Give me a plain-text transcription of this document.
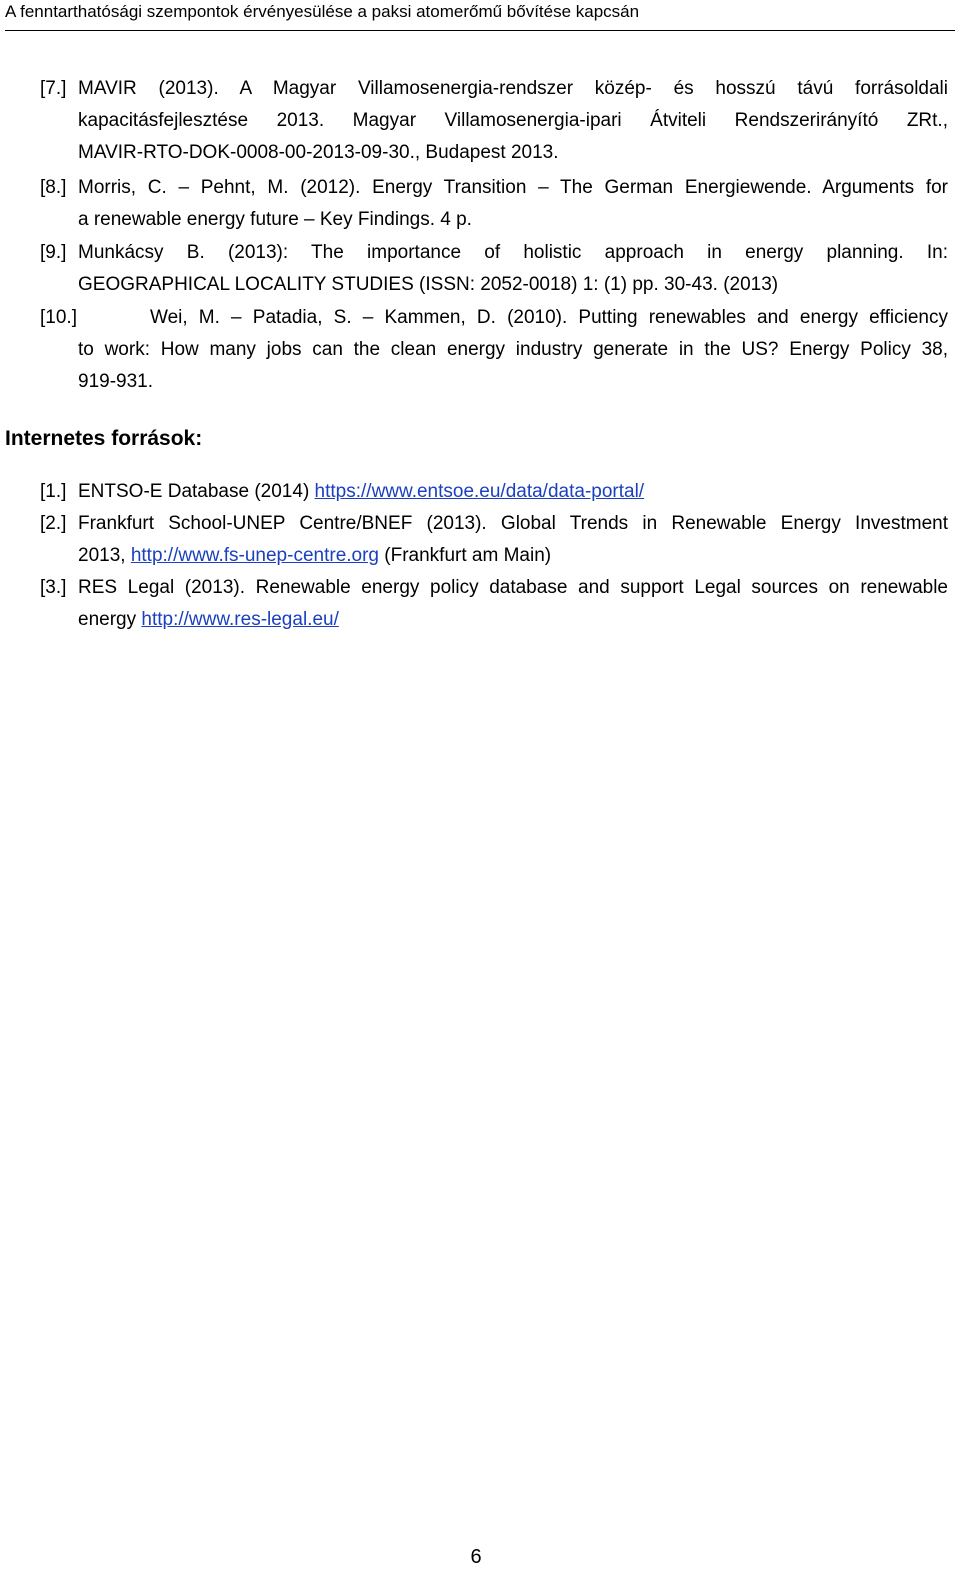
A fenntarthatósági szempontok érvényesülése a paksi atomerőmű bővítése kapcsán
[7.] MAVIR (2013). A Magyar Villamosenergia-rendszer közép- és hosszú távú forrásoldali
kapacitásfejlesztése 2013. Magyar Villamosenergia-ipari Átviteli Rendszerirányító ZRt.,
MAVIR-RTO-DOK-0008-00-2013-09-30., Budapest 2013.
[8.] Morris, C. ‒ Pehnt, M. (2012). Energy Transition ‒ The German Energiewende. Arguments for
a renewable energy future ‒ Key Findings. 4 p.
[9.] Munkácsy B. (2013): The importance of holistic approach in energy planning. In:
GEOGRAPHICAL LOCALITY STUDIES (ISSN: 2052-0018) 1: (1) pp. 30-43. (2013)
[10.]	Wei, M. ‒ Patadia, S. ‒ Kammen, D. (2010). Putting renewables and energy efficiency
to work: How many jobs can the clean energy industry generate in the US? Energy Policy 38,
919-931.
Internetes források:
[1.] ENTSO-E Database (2014) https://www.entsoe.eu/data/data-portal/
[2.] Frankfurt School-UNEP Centre/BNEF (2013). Global Trends in Renewable Energy Investment
2013, http://www.fs-unep-centre.org (Frankfurt am Main)
[3.] RES Legal (2013). Renewable energy policy database and support Legal sources on renewable
energy http://www.res-legal.eu/
6
